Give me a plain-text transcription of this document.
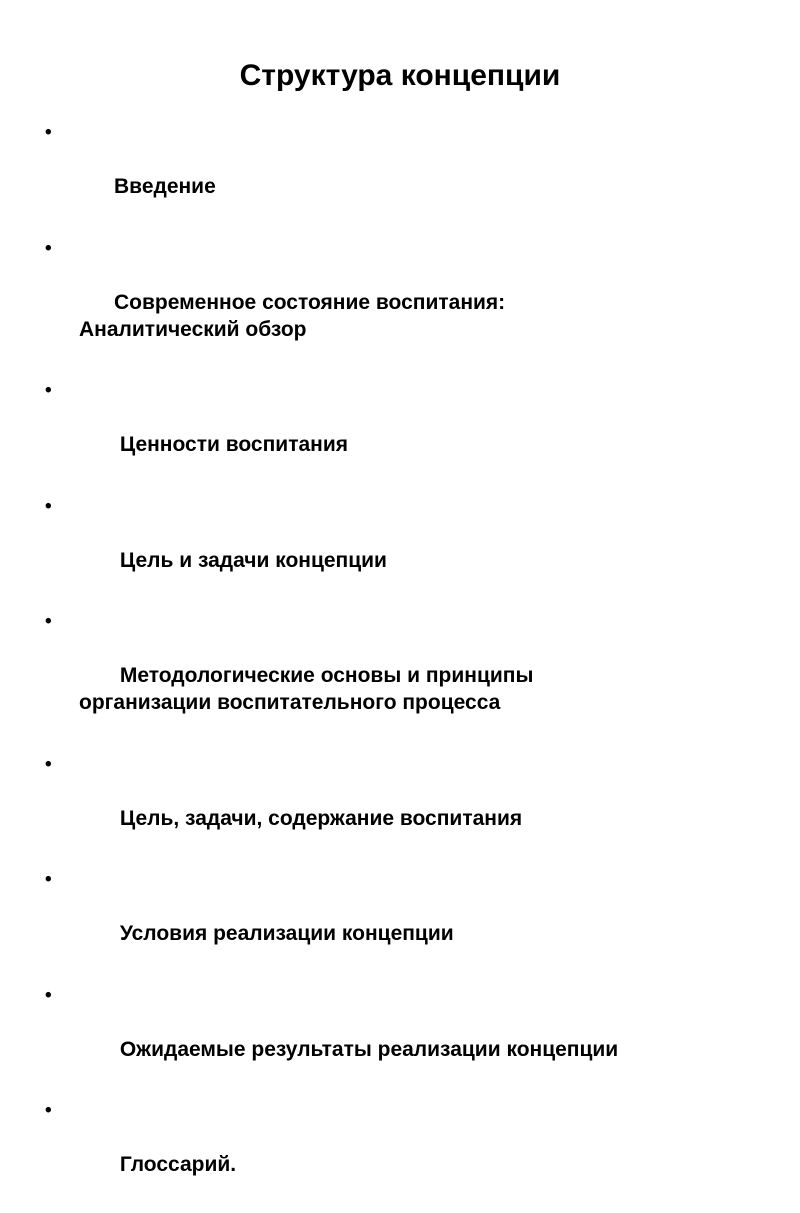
Структура концепции

•

Введение

•

Современное состояние воспитания:
Аналитический обзор

•

Ценности воспитания

•

Цель и задачи концепции

•

Методологические основы и принципы
организации воспитательного процесса

•

Цель, задачи, содержание воспитания

•

Условия реализации концепции

•

Ожидаемые результаты реализации концепции

•

Глоссарий.
